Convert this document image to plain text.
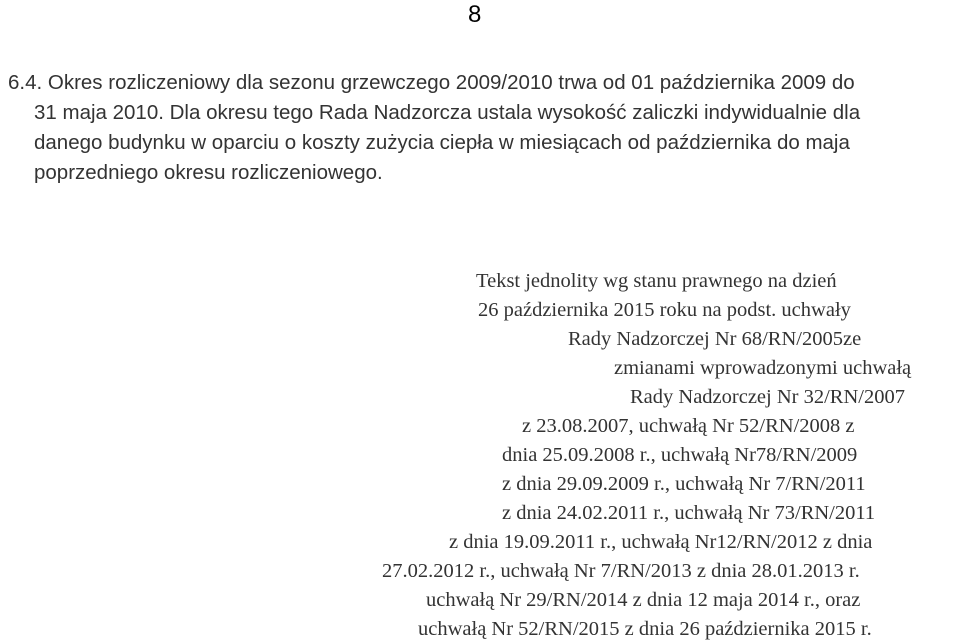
8
6.4. Okres rozliczeniowy dla sezonu grzewczego 2009/2010 trwa od 01 października 2009 do
31 maja 2010. Dla okresu tego Rada Nadzorcza ustala wysokość zaliczki indywidualnie dla
danego budynku w oparciu o koszty zużycia ciepła w miesiącach od października do maja
poprzedniego okresu rozliczeniowego.
Tekst jednolity wg stanu prawnego na dzień
26 października 2015 roku na podst. uchwały
Rady Nadzorczej Nr 68/RN/2005ze
zmianami wprowadzonymi uchwałą
Rady Nadzorczej Nr 32/RN/2007
z 23.08.2007, uchwałą Nr 52/RN/2008 z
dnia 25.09.2008 r., uchwałą Nr78/RN/2009
z dnia 29.09.2009 r., uchwałą Nr 7/RN/2011
z dnia 24.02.2011 r., uchwałą Nr 73/RN/2011
z dnia 19.09.2011 r., uchwałą Nr12/RN/2012 z dnia
27.02.2012 r., uchwałą Nr 7/RN/2013 z dnia 28.01.2013 r.
uchwałą Nr 29/RN/2014 z dnia 12 maja 2014 r., oraz
uchwałą Nr 52/RN/2015 z dnia 26 października 2015 r.
